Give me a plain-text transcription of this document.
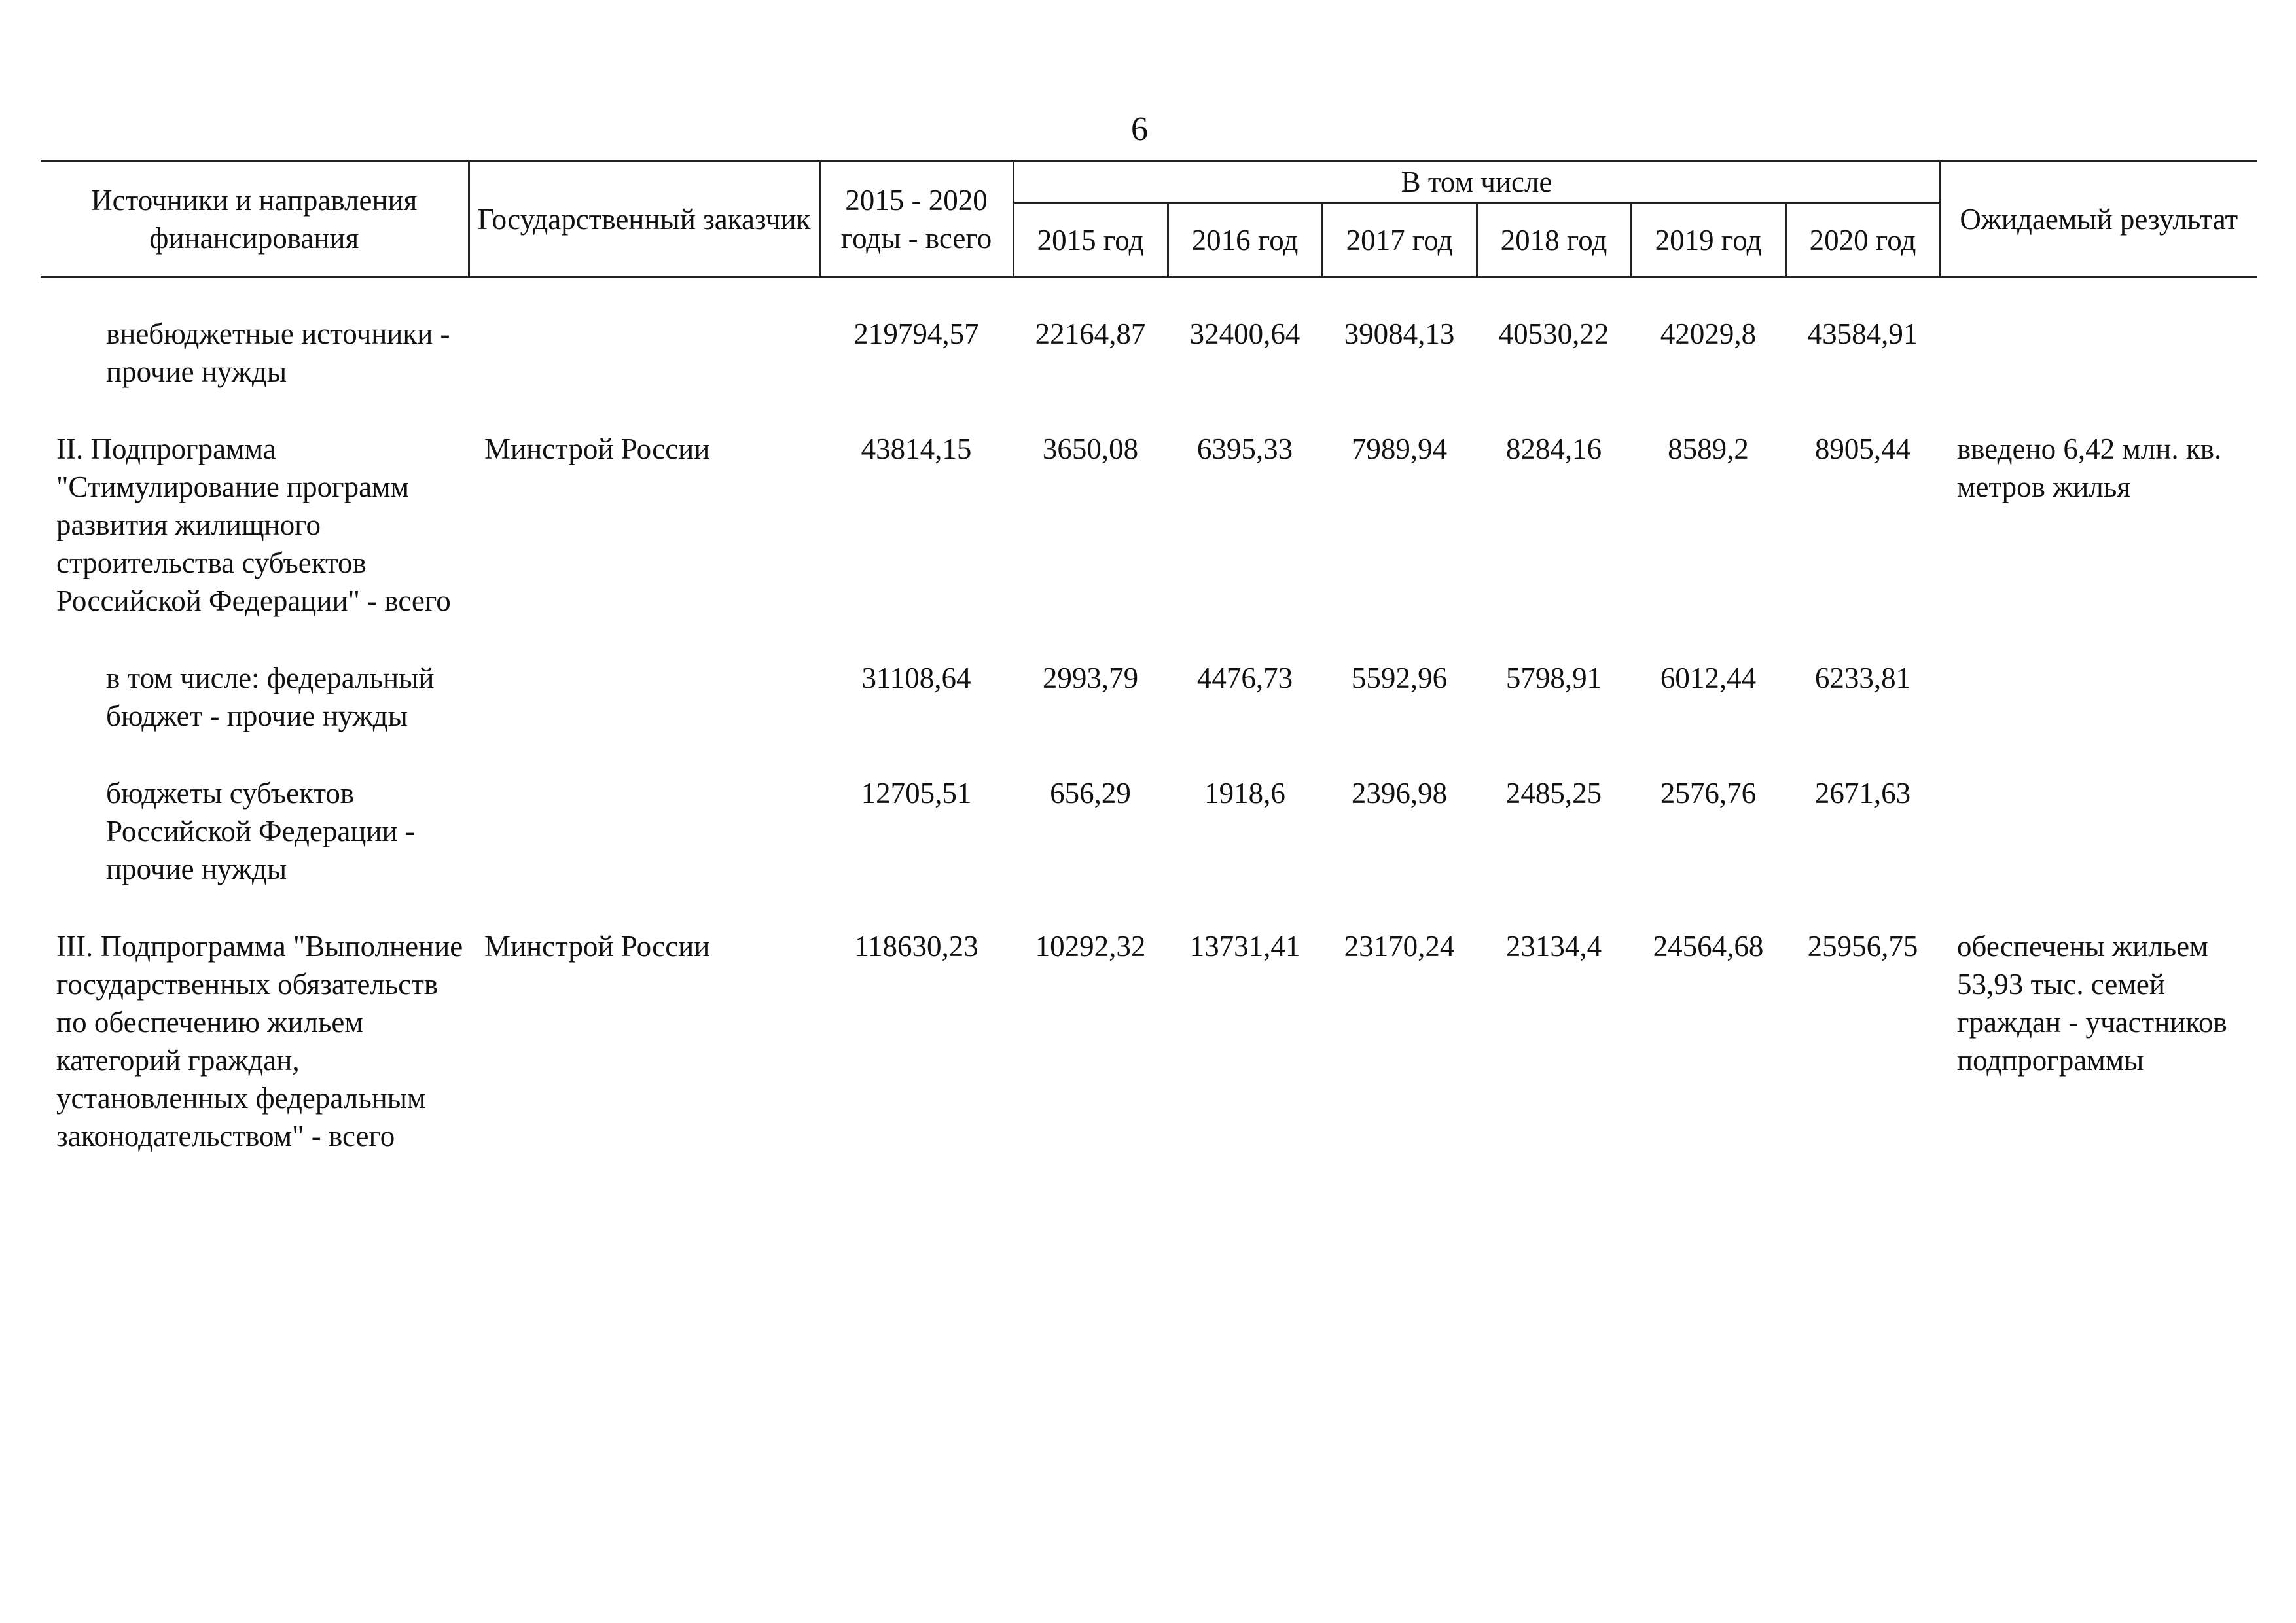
6
Источники и направления финансирования	Государственный заказчик	2015 - 2020 годы - всего	В том числе						Ожидаемый результат
			2015 год	2016 год	2017 год	2018 год	2019 год	2020 год	

внебюджетные источники - прочие нужды		219794,57	22164,87	32400,64	39084,13	40530,22	42029,8	43584,91	

II. Подпрограмма "Стимулирование программ развития жилищного строительства субъектов Российской Федерации" - всего	Минстрой России	43814,15	3650,08	6395,33	7989,94	8284,16	8589,2	8905,44	введено 6,42 млн. кв. метров жилья

в том числе: федеральный бюджет - прочие нужды		31108,64	2993,79	4476,73	5592,96	5798,91	6012,44	6233,81	

бюджеты субъектов Российской Федерации - прочие нужды		12705,51	656,29	1918,6	2396,98	2485,25	2576,76	2671,63	

III. Подпрограмма "Выполнение государственных обязательств по обеспечению жильем категорий граждан, установленных федеральным законодательством" - всего	Минстрой России	118630,23	10292,32	13731,41	23170,24	23134,4	24564,68	25956,75	обеспечены жильем 53,93 тыс. семей граждан - участников подпрограммы
